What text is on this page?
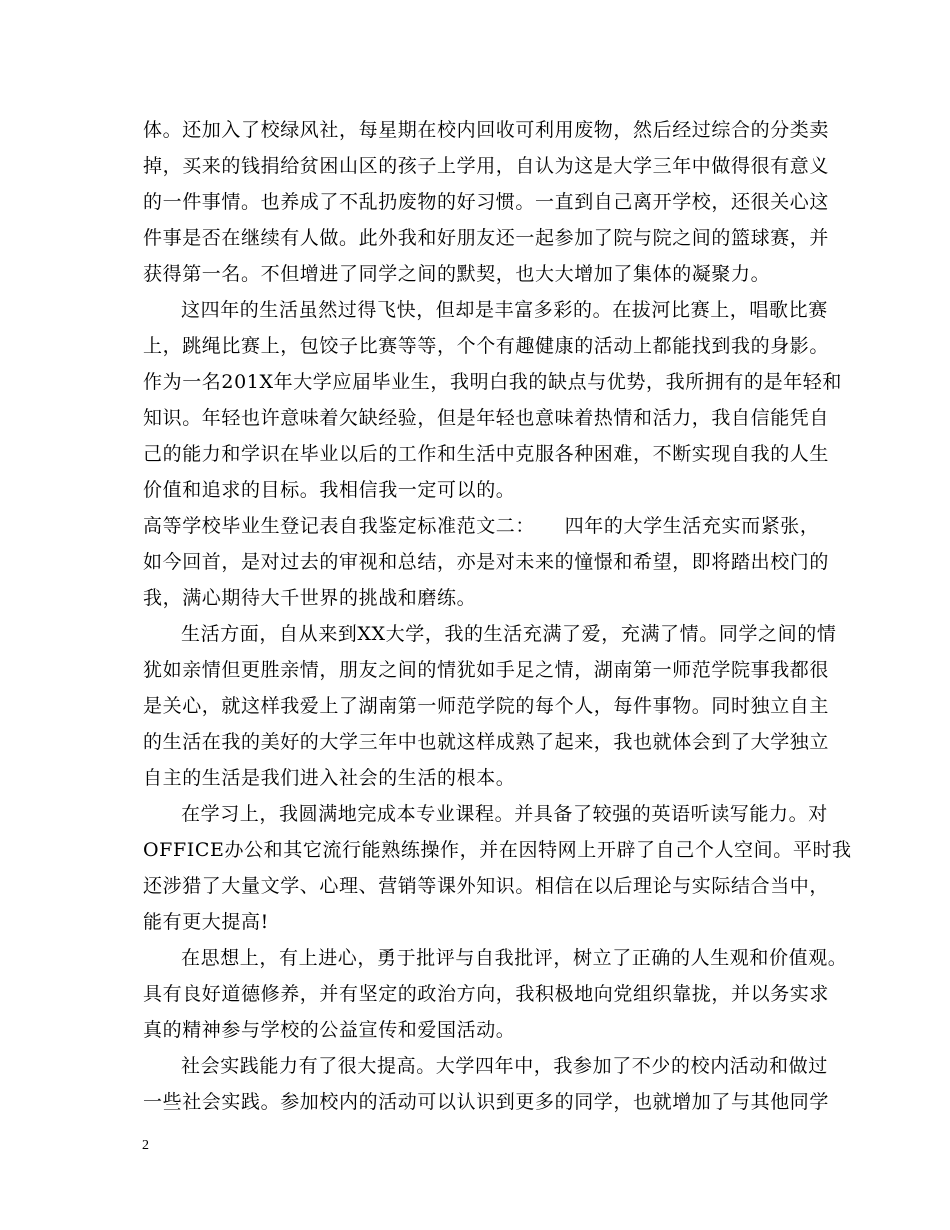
体。还加入了校绿风社，每星期在校内回收可利用废物，然后经过综合的分类卖
掉，买来的钱捐给贫困山区的孩子上学用，自认为这是大学三年中做得很有意义
的一件事情。也养成了不乱扔废物的好习惯。一直到自己离开学校，还很关心这
件事是否在继续有人做。此外我和好朋友还一起参加了院与院之间的篮球赛，并
获得第一名。不但增进了同学之间的默契，也大大增加了集体的凝聚力。
这四年的生活虽然过得飞快，但却是丰富多彩的。在拔河比赛上，唱歌比赛
上，跳绳比赛上，包饺子比赛等等，个个有趣健康的活动上都能找到我的身影。
作为一名201X年大学应届毕业生，我明白我的缺点与优势，我所拥有的是年轻和
知识。年轻也许意味着欠缺经验，但是年轻也意味着热情和活力，我自信能凭自
己的能力和学识在毕业以后的工作和生活中克服各种困难，不断实现自我的人生
价值和追求的目标。我相信我一定可以的。
高等学校毕业生登记表自我鉴定标准范文二：　　四年的大学生活充实而紧张，
如今回首，是对过去的审视和总结，亦是对未来的憧憬和希望，即将踏出校门的
我，满心期待大千世界的挑战和磨练。
生活方面，自从来到XX大学，我的生活充满了爱，充满了情。同学之间的情
犹如亲情但更胜亲情，朋友之间的情犹如手足之情，湖南第一师范学院事我都很
是关心，就这样我爱上了湖南第一师范学院的每个人，每件事物。同时独立自主
的生活在我的美好的大学三年中也就这样成熟了起来，我也就体会到了大学独立
自主的生活是我们进入社会的生活的根本。
在学习上，我圆满地完成本专业课程。并具备了较强的英语听读写能力。对
OFFICE办公和其它流行能熟练操作，并在因特网上开辟了自己个人空间。平时我
还涉猎了大量文学、心理、营销等课外知识。相信在以后理论与实际结合当中，
能有更大提高!
在思想上，有上进心，勇于批评与自我批评，树立了正确的人生观和价值观。
具有良好道德修养，并有坚定的政治方向，我积极地向党组织靠拢，并以务实求
真的精神参与学校的公益宣传和爱国活动。
社会实践能力有了很大提高。大学四年中，我参加了不少的校内活动和做过
一些社会实践。参加校内的活动可以认识到更多的同学，也就增加了与其他同学
2
